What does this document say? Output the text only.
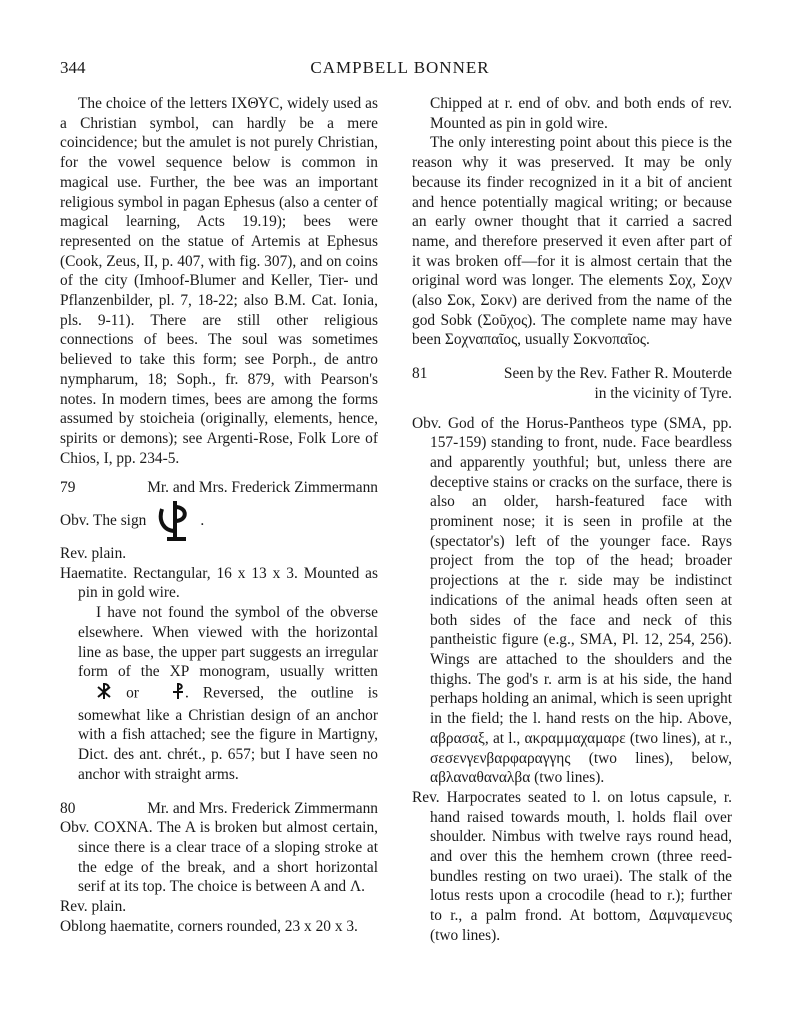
344	CAMPBELL BONNER

The choice of the letters ΙΧΘΥC, widely used as a Christian symbol, can hardly be a mere coincidence; but the amulet is not purely Christian, for the vowel sequence below is common in magical use. Further, the bee was an important religious symbol in pagan Ephesus (also a center of magical learning, Acts 19.19); bees were represented on the statue of Artemis at Ephesus (Cook, Zeus, II, p. 407, with fig. 307), and on coins of the city (Imhoof-Blumer and Keller, Tier- und Pflanzenbilder, pl. 7, 18-22; also B.M. Cat. Ionia, pls. 9-11). There are still other religious connections of bees. The soul was sometimes believed to take this form; see Porph., de antro nympharum, 18; Soph., fr. 879, with Pearson's notes. In modern times, bees are among the forms assumed by stoicheia (originally, elements, hence, spirits or demons); see Argenti-Rose, Folk Lore of Chios, I, pp. 234-5.

79	Mr. and Mrs. Frederick Zimmermann
Obv. The sign	.

Rev. plain.

Haematite. Rectangular, 16 x 13 x 3. Mounted as pin in gold wire.

I have not found the symbol of the obverse elsewhere. When viewed with the horizontal line as base, the upper part suggests an irregular form of the ΧΡ monogram, usually written  or	. Reversed, the outline is somewhat like a Christian design of an anchor with a fish attached; see the figure in Martigny, Dict. des ant. chrét., p. 657; but I have seen no anchor with straight arms.

80	Mr. and Mrs. Frederick Zimmermann

Obv. COXNA. The A is broken but almost certain, since there is a clear trace of a sloping stroke at the edge of the break, and a short horizontal serif at its top. The choice is between A and Λ.

Rev. plain.

Oblong haematite, corners rounded, 23 x 20 x 3.

Chipped at r. end of obv. and both ends of rev. Mounted as pin in gold wire.

The only interesting point about this piece is the reason why it was preserved. It may be only because its finder recognized in it a bit of ancient and hence potentially magical writing; or because an early owner thought that it carried a sacred name, and therefore preserved it even after part of it was broken off—for it is almost certain that the original word was longer. The elements Σοχ, Σοχν (also Σοκ, Σοκν) are derived from the name of the god Sobk (Σοῦχος). The complete name may have been Σοχναπαῖος, usually Σοκνοπαῖος.

81	Seen by the Rev. Father R. Mouterde
in the vicinity of Tyre.

Obv. God of the Horus-Pantheos type (SMA, pp. 157-159) standing to front, nude. Face beardless and apparently youthful; but, unless there are deceptive stains or cracks on the surface, there is also an older, harsh-featured face with prominent nose; it is seen in profile at the (spectator's) left of the younger face. Rays project from the top of the head; broader projections at the r. side may be indistinct indications of the animal heads often seen at both sides of the face and neck of this pantheistic figure (e.g., SMA, Pl. 12, 254, 256). Wings are attached to the shoulders and the thighs. The god's r. arm is at his side, the hand perhaps holding an animal, which is seen upright in the field; the l. hand rests on the hip. Above, αβρασαξ, at l., ακραμμαχαμαρε (two lines), at r., σεσενγενβαρφαραγγης (two lines), below, αβλαναθαναλβα (two lines).

Rev. Harpocrates seated to l. on lotus capsule, r. hand raised towards mouth, l. holds flail over shoulder. Nimbus with twelve rays round head, and over this the hemhem crown (three reed-bundles resting on two uraei). The stalk of the lotus rests upon a crocodile (head to r.); further to r., a palm frond. At bottom, Δαμναμενευς (two lines).
